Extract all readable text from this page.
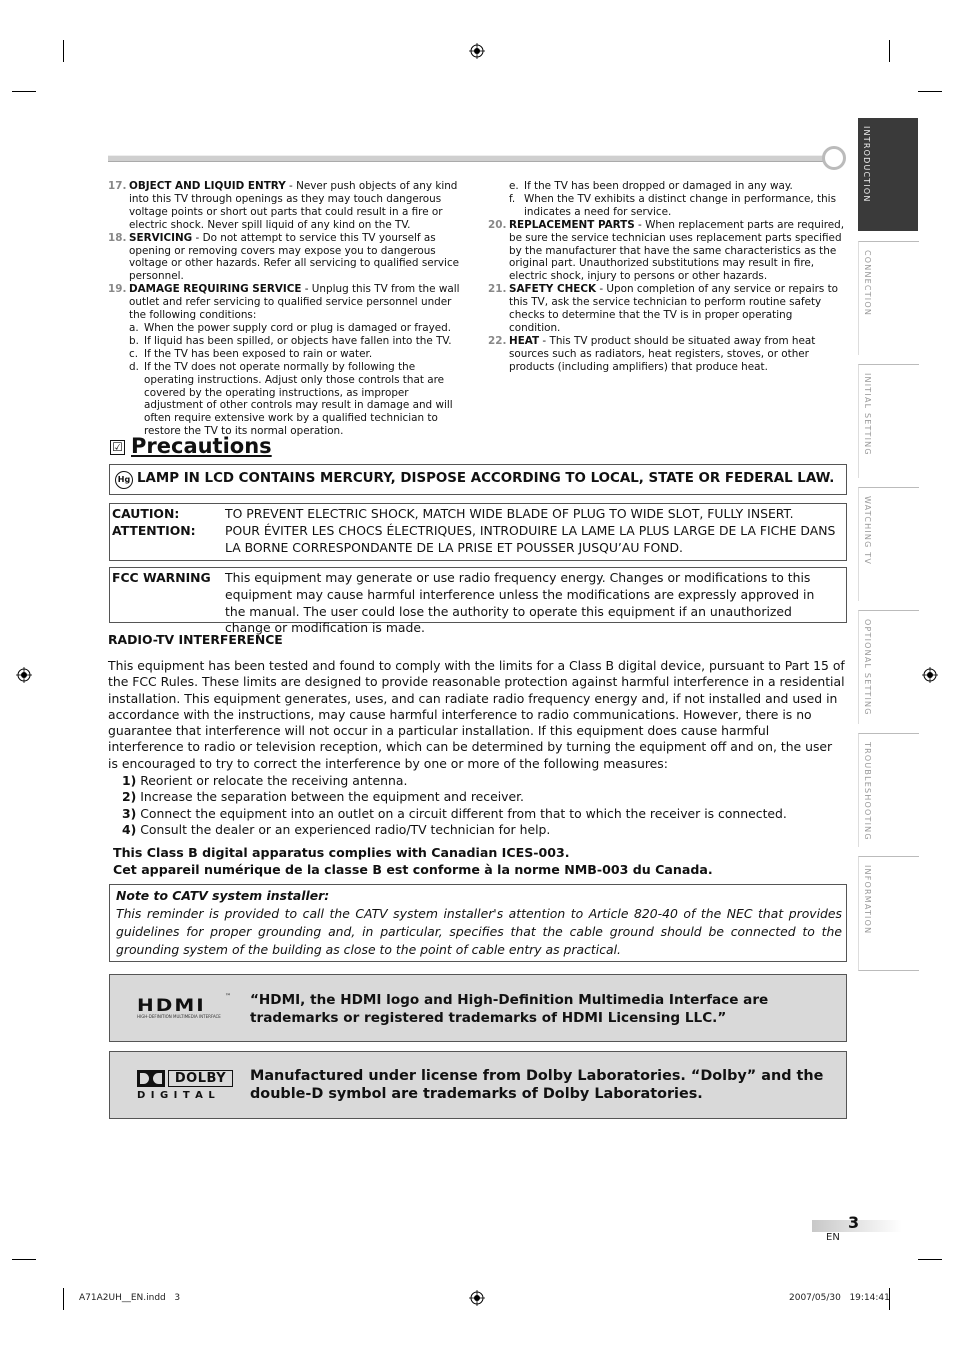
INTRODUCTION
CONNECTION
INITIAL SETTING
WATCHING TV
OPTIONAL SETTING
TROUBLESHOOTING
INFORMATION
17. OBJECT AND LIQUID ENTRY - Never push objects of any kind into this TV through openings as they may touch dangerous voltage points or short out parts that could result in a fire or electric shock. Never spill liquid of any kind on the TV.
18. SERVICING - Do not attempt to service this TV yourself as opening or removing covers may expose you to dangerous voltage or other hazards. Refer all servicing to qualified service personnel.
19. DAMAGE REQUIRING SERVICE - Unplug this TV from the wall outlet and refer servicing to qualified service personnel under the following conditions:
a. When the power supply cord or plug is damaged or frayed.
b. If liquid has been spilled, or objects have fallen into the TV.
c. If the TV has been exposed to rain or water.
d. If the TV does not operate normally by following the operating instructions. Adjust only those controls that are covered by the operating instructions, as improper adjustment of other controls may result in damage and will often require extensive work by a qualified technician to restore the TV to its normal operation.
e. If the TV has been dropped or damaged in any way.
f. When the TV exhibits a distinct change in performance, this indicates a need for service.
20. REPLACEMENT PARTS - When replacement parts are required, be sure the service technician uses replacement parts specified by the manufacturer that have the same characteristics as the original part. Unauthorized substitutions may result in fire, electric shock, injury to persons or other hazards.
21. SAFETY CHECK - Upon completion of any service or repairs to this TV, ask the service technician to perform routine safety checks to determine that the TV is in proper operating condition.
22. HEAT - This TV product should be situated away from heat sources such as radiators, heat registers, stoves, or other products (including amplifiers) that produce heat.
☑ Precautions
Hg LAMP IN LCD CONTAINS MERCURY, DISPOSE ACCORDING TO LOCAL, STATE OR FEDERAL LAW.
CAUTION:
ATTENTION:
TO PREVENT ELECTRIC SHOCK, MATCH WIDE BLADE OF PLUG TO WIDE SLOT, FULLY INSERT.
POUR ÉVITER LES CHOCS ÉLECTRIQUES, INTRODUIRE LA LAME LA PLUS LARGE DE LA FICHE DANS LA BORNE CORRESPONDANTE DE LA PRISE ET POUSSER JUSQU’AU FOND.
FCC WARNING This equipment may generate or use radio frequency energy. Changes or modifications to this equipment may cause harmful interference unless the modifications are expressly approved in the manual. The user could lose the authority to operate this equipment if an unauthorized change or modification is made.
RADIO-TV INTERFERENCE
This equipment has been tested and found to comply with the limits for a Class B digital device, pursuant to Part 15 of the FCC Rules. These limits are designed to provide reasonable protection against harmful interference in a residential installation. This equipment generates, uses, and can radiate radio frequency energy and, if not installed and used in accordance with the instructions, may cause harmful interference to radio communications. However, there is no guarantee that interference will not occur in a particular installation. If this equipment does cause harmful interference to radio or television reception, which can be determined by turning the equipment off and on, the user is encouraged to try to correct the interference by one or more of the following measures:
1) Reorient or relocate the receiving antenna.
2) Increase the separation between the equipment and receiver.
3) Connect the equipment into an outlet on a circuit different from that to which the receiver is connected.
4) Consult the dealer or an experienced radio/TV technician for help.
This Class B digital apparatus complies with Canadian ICES-003.
Cet appareil numérique de la classe B est conforme à la norme NMB-003 du Canada.
Note to CATV system installer:
This reminder is provided to call the CATV system installer's attention to Article 820-40 of the NEC that provides guidelines for proper grounding and, in particular, specifies that the cable ground should be connected to the grounding system of the building as close to the point of cable entry as practical.
HDMI	™
HIGH-DEFINITION MULTIMEDIA INTERFACE
“HDMI, the HDMI logo and High-Definition Multimedia Interface are trademarks or registered trademarks of HDMI Licensing LLC.”
DOLBY
D I G I T A L
Manufactured under license from Dolby Laboratories. “Dolby” and the double-D symbol are trademarks of Dolby Laboratories.
3
EN
A71A2UH__EN.indd   3	2007/05/30   19:14:41
